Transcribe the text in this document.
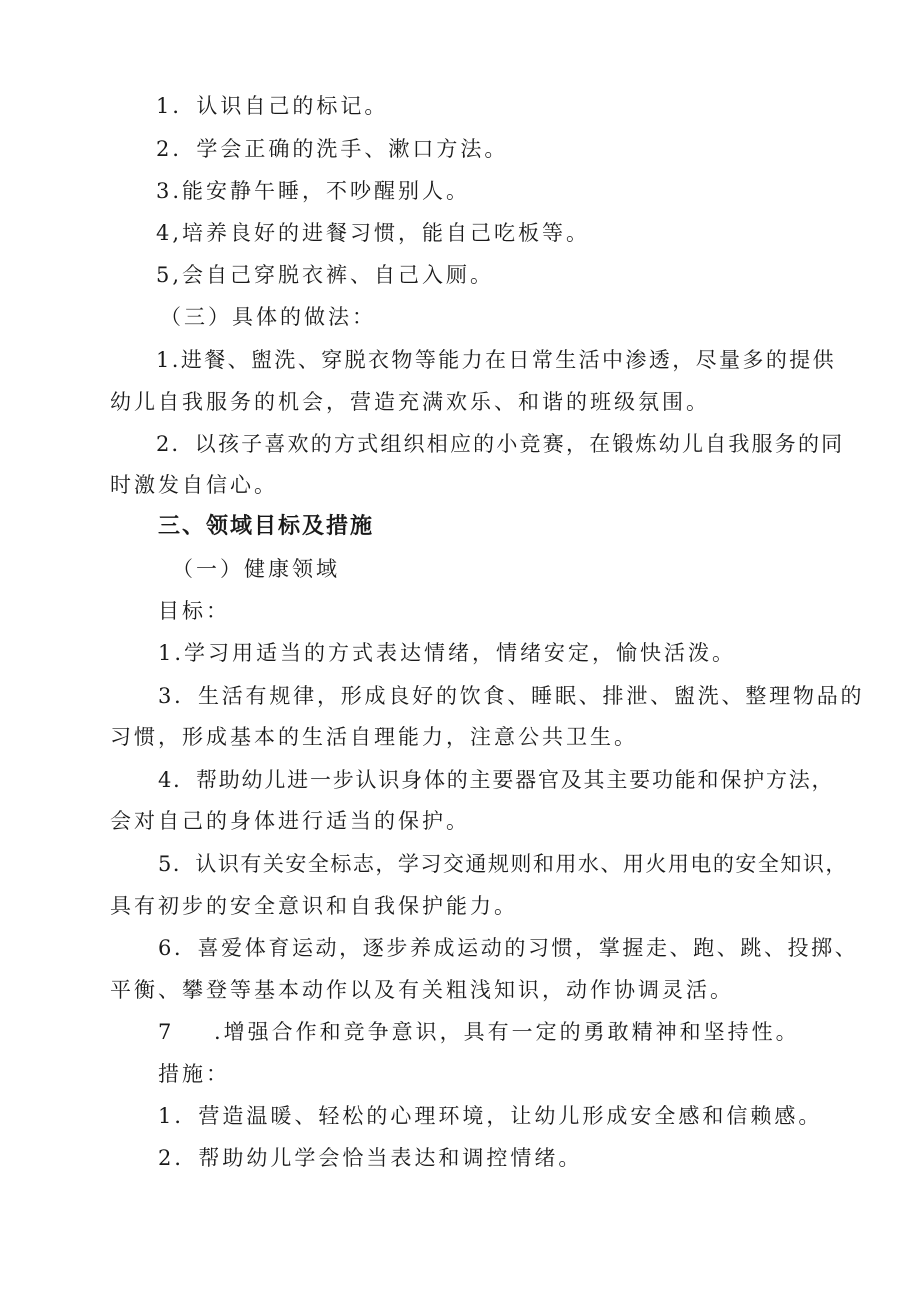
1．认识自己的标记。
2．学会正确的洗手、漱口方法。
3.能安静午睡，不吵醒别人。
4,培养良好的进餐习惯，能自己吃板等。
5,会自己穿脱衣裤、自己入厕。
（三）具体的做法：
1.进餐、盥洗、穿脱衣物等能力在日常生活中渗透，尽量多的提供
幼儿自我服务的机会，营造充满欢乐、和谐的班级氛围。
2．以孩子喜欢的方式组织相应的小竞赛，在锻炼幼儿自我服务的同
时激发自信心。
三、领域目标及措施
（一）健康领域
目标：
1.学习用适当的方式表达情绪，情绪安定，愉快活泼。
3．生活有规律，形成良好的饮食、睡眠、排泄、盥洗、整理物品的
习惯，形成基本的生活自理能力，注意公共卫生。
4．帮助幼儿进一步认识身体的主要器官及其主要功能和保护方法，
会对自己的身体进行适当的保护。
5．认识有关安全标志，学习交通规则和用水、用火用电的安全知识，
具有初步的安全意识和自我保护能力。
6．喜爱体育运动，逐步养成运动的习惯，掌握走、跑、跳、投掷、
平衡、攀登等基本动作以及有关粗浅知识，动作协调灵活。
7 .增强合作和竞争意识，具有一定的勇敢精神和坚持性。
措施：
1．营造温暖、轻松的心理环境，让幼儿形成安全感和信赖感。
2．帮助幼儿学会恰当表达和调控情绪。
